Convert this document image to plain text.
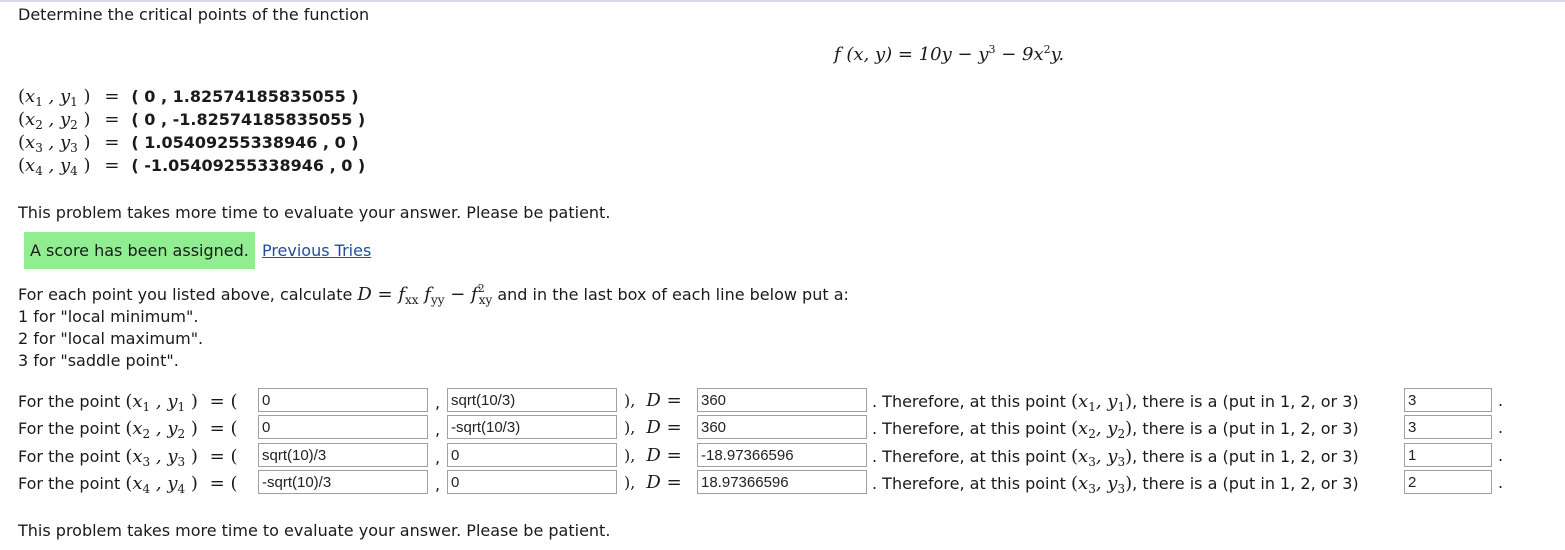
Determine the critical points of the function
f (x, $y) = 10y - y^3 - 9x^2y$.
($x_1$ , $y_1$ ) = ( 0 , 1.82574185835055 )
($x_2$ , $y_2$ ) = ( 0 , -1.82574185835055 )
($x_3$ , $y_3$ ) = ( 1.05409255338946 , 0 )
($x_4$ , $y_4$ ) = ( -1.05409255338946 , 0 )
This problem takes more time to evaluate your answer. Please be patient.
A score has been assigned. Previous Tries
For each point you listed above, calculate $D = f_{xx}$ $f_{yy} - f_{2xy}$ and in the last box of each line below put a:
1 for "local minimum".
2 for "local maximum".
3 for "saddle point".
For the point ($x_1$ , $y_1$ ) = (
0	,
sqrt(10/3)	), D =
360	. Therefore, at this point ($x_1$, $y_1$), there is a (put in 1, 2, or 3)
3	.
For the point ($x_2$ , $y_2$ ) = (
0	,
-sqrt(10/3)	), D =
360	. Therefore, at this point ($x_2$, $y_2$), there is a (put in 1, 2, or 3)
3	.
For the point ($x_3$ , $y_3$ ) = (
sqrt(10)/3	,
0	), D =
-18.97366596	. Therefore, at this point ($x_3$, $y_3$), there is a (put in 1, 2, or 3)
1	.
For the point ($x_4$ , $y_4$ ) = (
-sqrt(10)/3	,
0	), D =
18.97366596	. Therefore, at this point ($x_3$, $y_3$), there is a (put in 1, 2, or 3)
2	.
This problem takes more time to evaluate your answer. Please be patient.
